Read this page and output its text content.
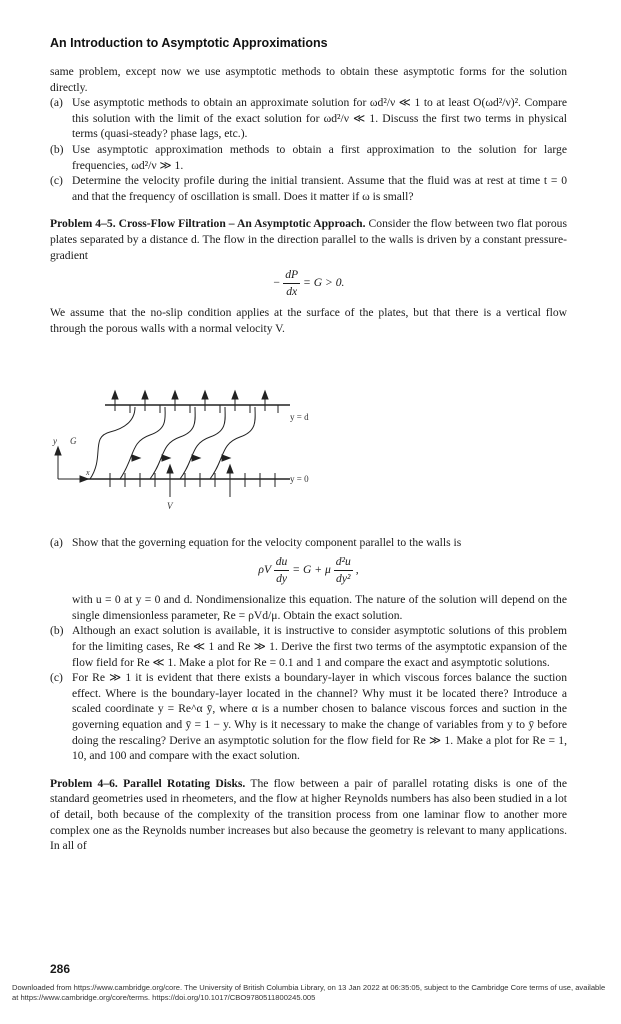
An Introduction to Asymptotic Approximations

same problem, except now we use asymptotic methods to obtain these asymptotic forms for the solution directly.

(a) Use asymptotic methods to obtain an approximate solution for ωd²/ν ≪ 1 to at least O(ωd²/ν)². Compare this solution with the limit of the exact solution for ωd²/ν ≪ 1. Discuss the first two terms in physical terms (quasi-steady? phase lags, etc.).
(b) Use asymptotic approximation methods to obtain a first approximation to the solution for large frequencies, ωd²/ν ≫ 1.
(c) Determine the velocity profile during the initial transient. Assume that the fluid was at rest at time t = 0 and that the frequency of oscillation is small. Does it matter if ω is small?

Problem 4–5. Cross-Flow Filtration – An Asymptotic Approach. Consider the flow between two flat porous plates separated by a distance d. The flow in the direction parallel to the walls is driven by a constant pressure-gradient

− $\frac{dP}{dx} = G > 0$.

We assume that the no-slip condition applies at the surface of the plates, but that there is a vertical flow through the porous walls with a normal velocity V.

y = d
y = 0
y G
x
V
(a) Show that the governing equation for the velocity component parallel to the walls is
ρV $\frac{du}{dy} = G + \mu \frac{\text{d²u}}{\text{dy²}}$ ,
with u = 0 at y = 0 and d. Nondimensionalize this equation. The nature of the solution will depend on the single dimensionless parameter, Re = ρVd/μ. Obtain the exact solution.
(b) Although an exact solution is available, it is instructive to consider asymptotic solutions of this problem for the limiting cases, Re ≪ 1 and Re ≫ 1. Derive the first two terms of the asymptotic expansion of the flow field for Re ≪ 1. Make a plot for Re = 0.1 and 1 and compare the exact and asymptotic solutions.
(c) For Re ≫ 1 it is evident that there exists a boundary-layer in which viscous forces balance the suction effect. Where is the boundary-layer located in the channel? Why must it be located there? Introduce a scaled coordinate y = Re^α ȳ, where α is a number chosen to balance viscous forces and suction in the governing equation and ȳ = 1 − y. Why is it necessary to make the change of variables from y to ȳ before doing the rescaling? Derive an asymptotic solution for the flow field for Re ≫ 1. Make a plot for Re = 1, 10, and 100 and compare with the exact solution.

Problem 4–6. Parallel Rotating Disks. The flow between a pair of parallel rotating disks is one of the standard geometries used in rheometers, and the flow at higher Reynolds numbers has also been studied in a lot of detail, both because of the complexity of the transition process from one laminar flow to another more complex one as the Reynolds number increases but also because the geometry is relevant to many applications. In all of

286
Downloaded from https://www.cambridge.org/core. The University of British Columbia Library, on 13 Jan 2022 at 06:35:05, subject to the Cambridge Core terms of use, available at https://www.cambridge.org/core/terms. https://doi.org/10.1017/CBO9780511800245.005
